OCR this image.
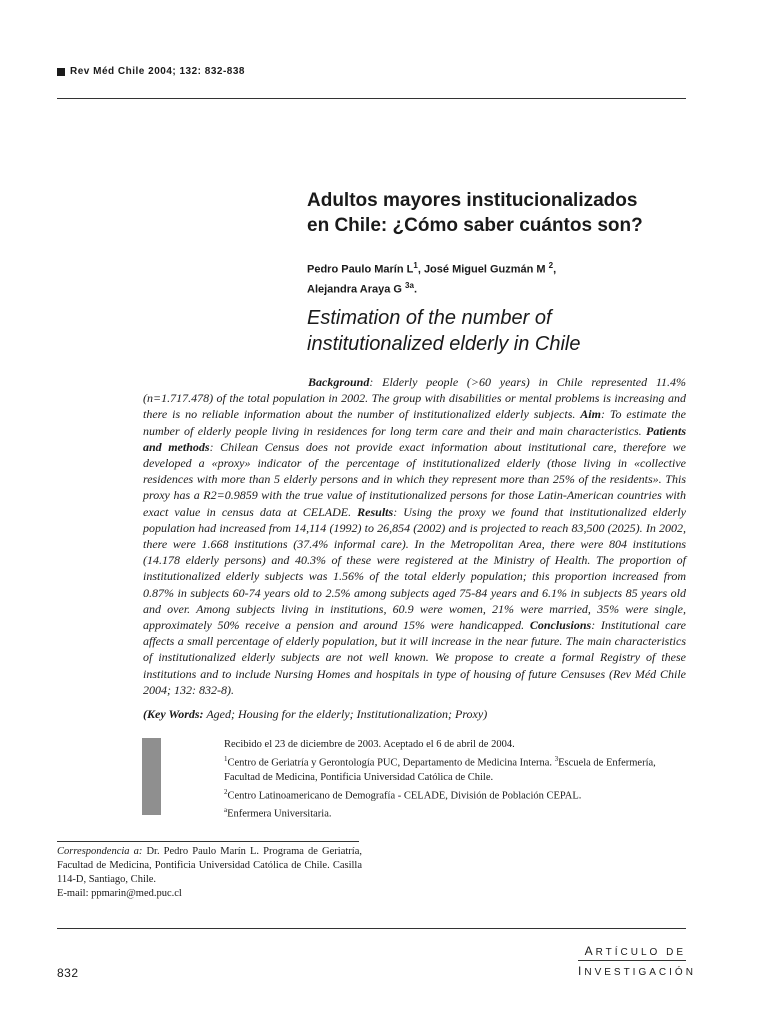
Rev Méd Chile 2004; 132: 832-838
Adultos mayores institucionalizados
en Chile: ¿Cómo saber cuántos son?
Pedro Paulo Marín $L^1$, José Miguel Guzmán M $^2$,
Alejandra Araya G $^{3a}$.
Estimation of the number of
institutionalized elderly in Chile
Background: Elderly people (>60 years) in Chile represented 11.4% (n=1.717.478) of the total population in 2002. The group with disabilities or mental problems is increasing and there is no reliable information about the number of institutionalized elderly subjects. Aim: To estimate the number of elderly people living in residences for long term care and their and main characteristics. Patients and methods: Chilean Census does not provide exact information about institutional care, therefore we developed a «proxy» indicator of the percentage of institutionalized elderly (those living in «collective residences with more than 5 elderly persons and in which they represent more than 25% of the residents». This proxy has a R2=0.9859 with the true value of institutionalized persons for those Latin-American countries with exact value in census data at CELADE. Results: Using the proxy we found that institutionalized elderly population had increased from 14,114 (1992) to 26,854 (2002) and is projected to reach 83,500 (2025). In 2002, there were 1.668 institutions (37.4% informal care). In the Metropolitan Area, there were 804 institutions (14.178 elderly persons) and 40.3% of these were registered at the Ministry of Health. The proportion of institutionalized elderly subjects was 1.56% of the total elderly population; this proportion increased from 0.87% in subjects 60-74 years old to 2.5% among subjects aged 75-84 years and 6.1% in subjects 85 years old and over. Among subjects living in institutions, 60.9 were women, 21% were married, 35% were single, approximately 50% receive a pension and around 15% were handicapped. Conclusions: Institutional care affects a small percentage of elderly population, but it will increase in the near future. The main characteristics of institutionalized elderly subjects are not well known. We propose to create a formal Registry of these institutions and to include Nursing Homes and hospitals in type of housing of future Censuses (Rev Méd Chile 2004; 132: 832-8).
(Key Words: Aged; Housing for the elderly; Institutionalization; Proxy)
Recibido el 23 de diciembre de 2003. Aceptado el 6 de abril de 2004.
$^1$Centro de Geriatría y Gerontología PUC, Departamento de Medicina Interna. $^3$Escuela de Enfermería, Facultad de Medicina, Pontificia Universidad Católica de Chile.
$^2$Centro Latinoamericano de Demografía - CELADE, División de Población CEPAL.
$^a$Enfermera Universitaria.
Correspondencia a: Dr. Pedro Paulo Marín L. Programa de Geriatría, Facultad de Medicina, Pontificia Universidad Católica de Chile. Casilla 114-D, Santiago, Chile.
E-mail: ppmarin@med.puc.cl
ARTÍCULO DE
INVESTIGACIÓN
832
